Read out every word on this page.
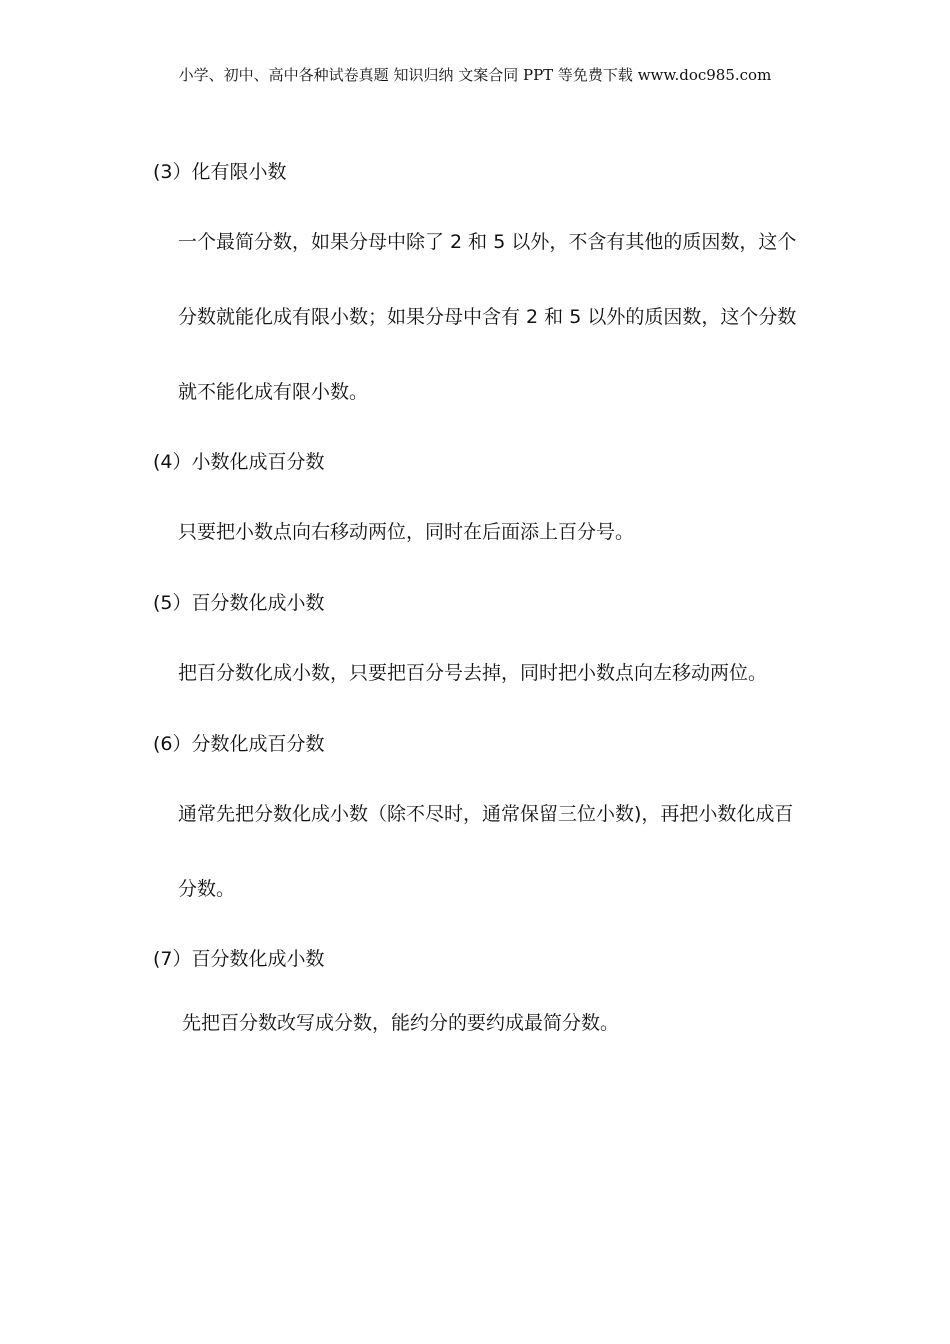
小学、初中、高中各种试卷真题 知识归纳 文案合同 PPT 等免费下载 www.doc985.com
(3）化有限小数
一个最简分数，如果分母中除了 2 和 5 以外，不含有其他的质因数，这个
分数就能化成有限小数；如果分母中含有 2 和 5 以外的质因数，这个分数
就不能化成有限小数。
(4）小数化成百分数
只要把小数点向右移动两位，同时在后面添上百分号。
(5）百分数化成小数
把百分数化成小数，只要把百分号去掉，同时把小数点向左移动两位。
(6）分数化成百分数
通常先把分数化成小数（除不尽时，通常保留三位小数)，再把小数化成百
分数。
(7）百分数化成小数
先把百分数改写成分数，能约分的要约成最简分数。
